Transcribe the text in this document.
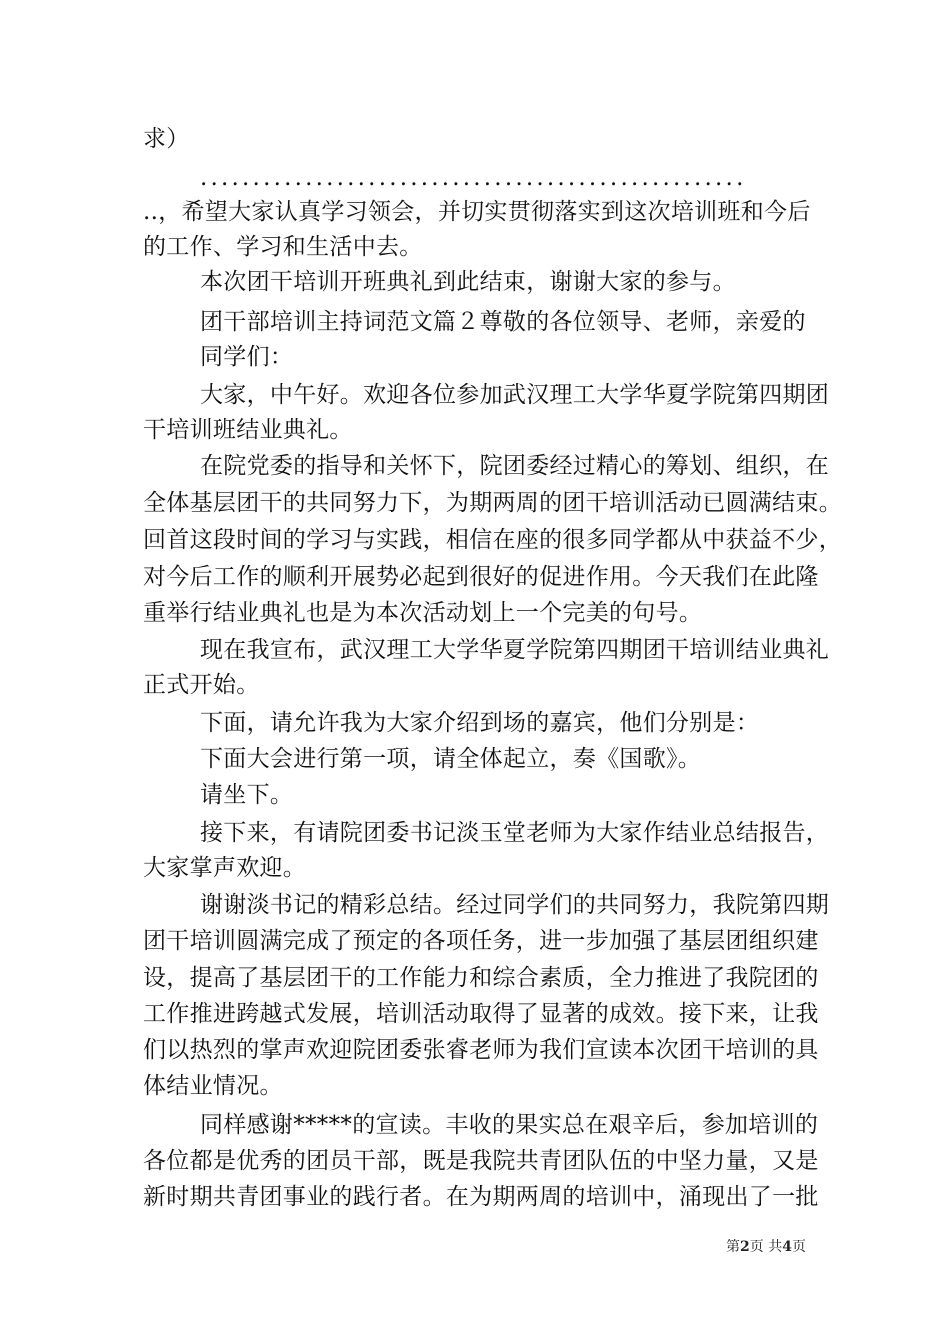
求）
....................................................
..，希望大家认真学习领会，并切实贯彻落实到这次培训班和今后
的工作、学习和生活中去。
本次团干培训开班典礼到此结束，谢谢大家的参与。
团干部培训主持词范文篇２尊敬的各位领导、老师，亲爱的
同学们：
大家，中午好。欢迎各位参加武汉理工大学华夏学院第四期团
干培训班结业典礼。
在院党委的指导和关怀下，院团委经过精心的筹划、组织，在
全体基层团干的共同努力下，为期两周的团干培训活动已圆满结束。
回首这段时间的学习与实践，相信在座的很多同学都从中获益不少，
对今后工作的顺利开展势必起到很好的促进作用。今天我们在此隆
重举行结业典礼也是为本次活动划上一个完美的句号。
现在我宣布，武汉理工大学华夏学院第四期团干培训结业典礼
正式开始。
下面，请允许我为大家介绍到场的嘉宾，他们分别是：
下面大会进行第一项，请全体起立，奏《国歌》。
请坐下。
接下来，有请院团委书记淡玉堂老师为大家作结业总结报告，
大家掌声欢迎。
谢谢淡书记的精彩总结。经过同学们的共同努力，我院第四期
团干培训圆满完成了预定的各项任务，进一步加强了基层团组织建
设，提高了基层团干的工作能力和综合素质，全力推进了我院团的
工作推进跨越式发展，培训活动取得了显著的成效。接下来，让我
们以热烈的掌声欢迎院团委张睿老师为我们宣读本次团干培训的具
体结业情况。
同样感谢*****的宣读。丰收的果实总在艰辛后，参加培训的
各位都是优秀的团员干部，既是我院共青团队伍的中坚力量，又是
新时期共青团事业的践行者。在为期两周的培训中，涌现出了一批
第2页 共4页
